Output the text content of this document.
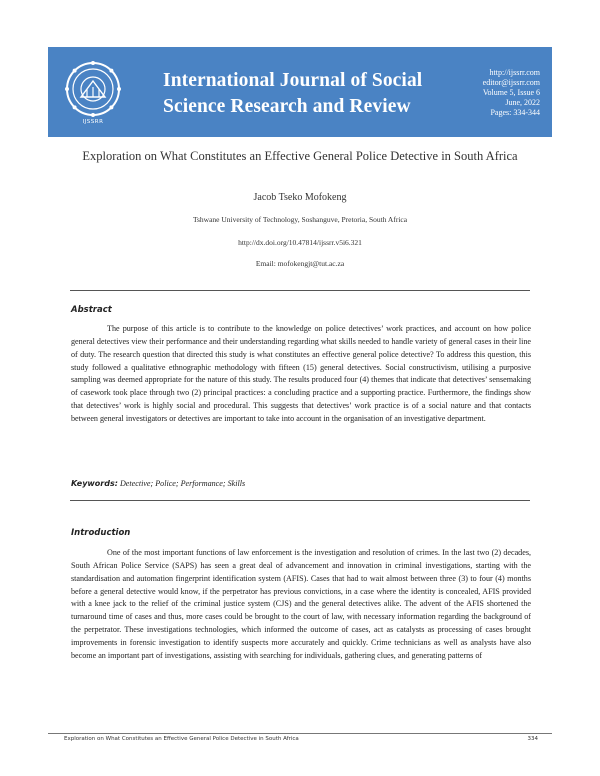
IJSSRR
International Journal of Social
Science Research and Review
http://ijssrr.com
editor@ijssrr.com
Volume 5, Issue 6
June, 2022
Pages: 334-344
Exploration on What Constitutes an Effective General Police Detective in South Africa
Jacob Tseko Mofokeng
Tshwane University of Technology, Soshanguve, Pretoria, South Africa
http://dx.doi.org/10.47814/ijssrr.v5i6.321
Email: mofokengjt@tut.ac.za
Abstract
The purpose of this article is to contribute to the knowledge on police detectives’ work practices, and account on how police general detectives view their performance and their understanding regarding what skills needed to handle variety of general cases in their line of duty. The research question that directed this study is what constitutes an effective general police detective? To address this question, this study followed a qualitative ethnographic methodology with fifteen (15) general detectives. Social constructivism, utilising a purposive sampling was deemed appropriate for the nature of this study. The results produced four (4) themes that indicate that detectives’ sensemaking of casework took place through two (2) principal practices: a concluding practice and a supporting practice. Furthermore, the findings show that detectives’ work is highly social and procedural. This suggests that detectives’ work practice is of a social nature and that contacts between general investigators or detectives are important to take into account in the organisation of an investigative department.
Keywords: Detective; Police; Performance; Skills
Introduction
One of the most important functions of law enforcement is the investigation and resolution of crimes. In the last two (2) decades, South African Police Service (SAPS) has seen a great deal of advancement and innovation in criminal investigations, starting with the standardisation and automation fingerprint identification system (AFIS). Cases that had to wait almost between three (3) to four (4) months before a general detective would know, if the perpetrator has previous convictions, in a case where the identity is concealed, AFIS provided with a knee jack to the relief of the criminal justice system (CJS) and the general detectives alike. The advent of the AFIS shortened the turnaround time of cases and thus, more cases could be brought to the court of law, with necessary information regarding the background of the perpetrator. These investigations technologies, which informed the outcome of cases, act as catalysts as processing of cases brought improvements in forensic investigation to identify suspects more accurately and quickly. Crime technicians as well as analysts have also become an important part of investigations, assisting with searching for individuals, gathering clues, and generating patterns of
Exploration on What Constitutes an Effective General Police Detective in South Africa	334
